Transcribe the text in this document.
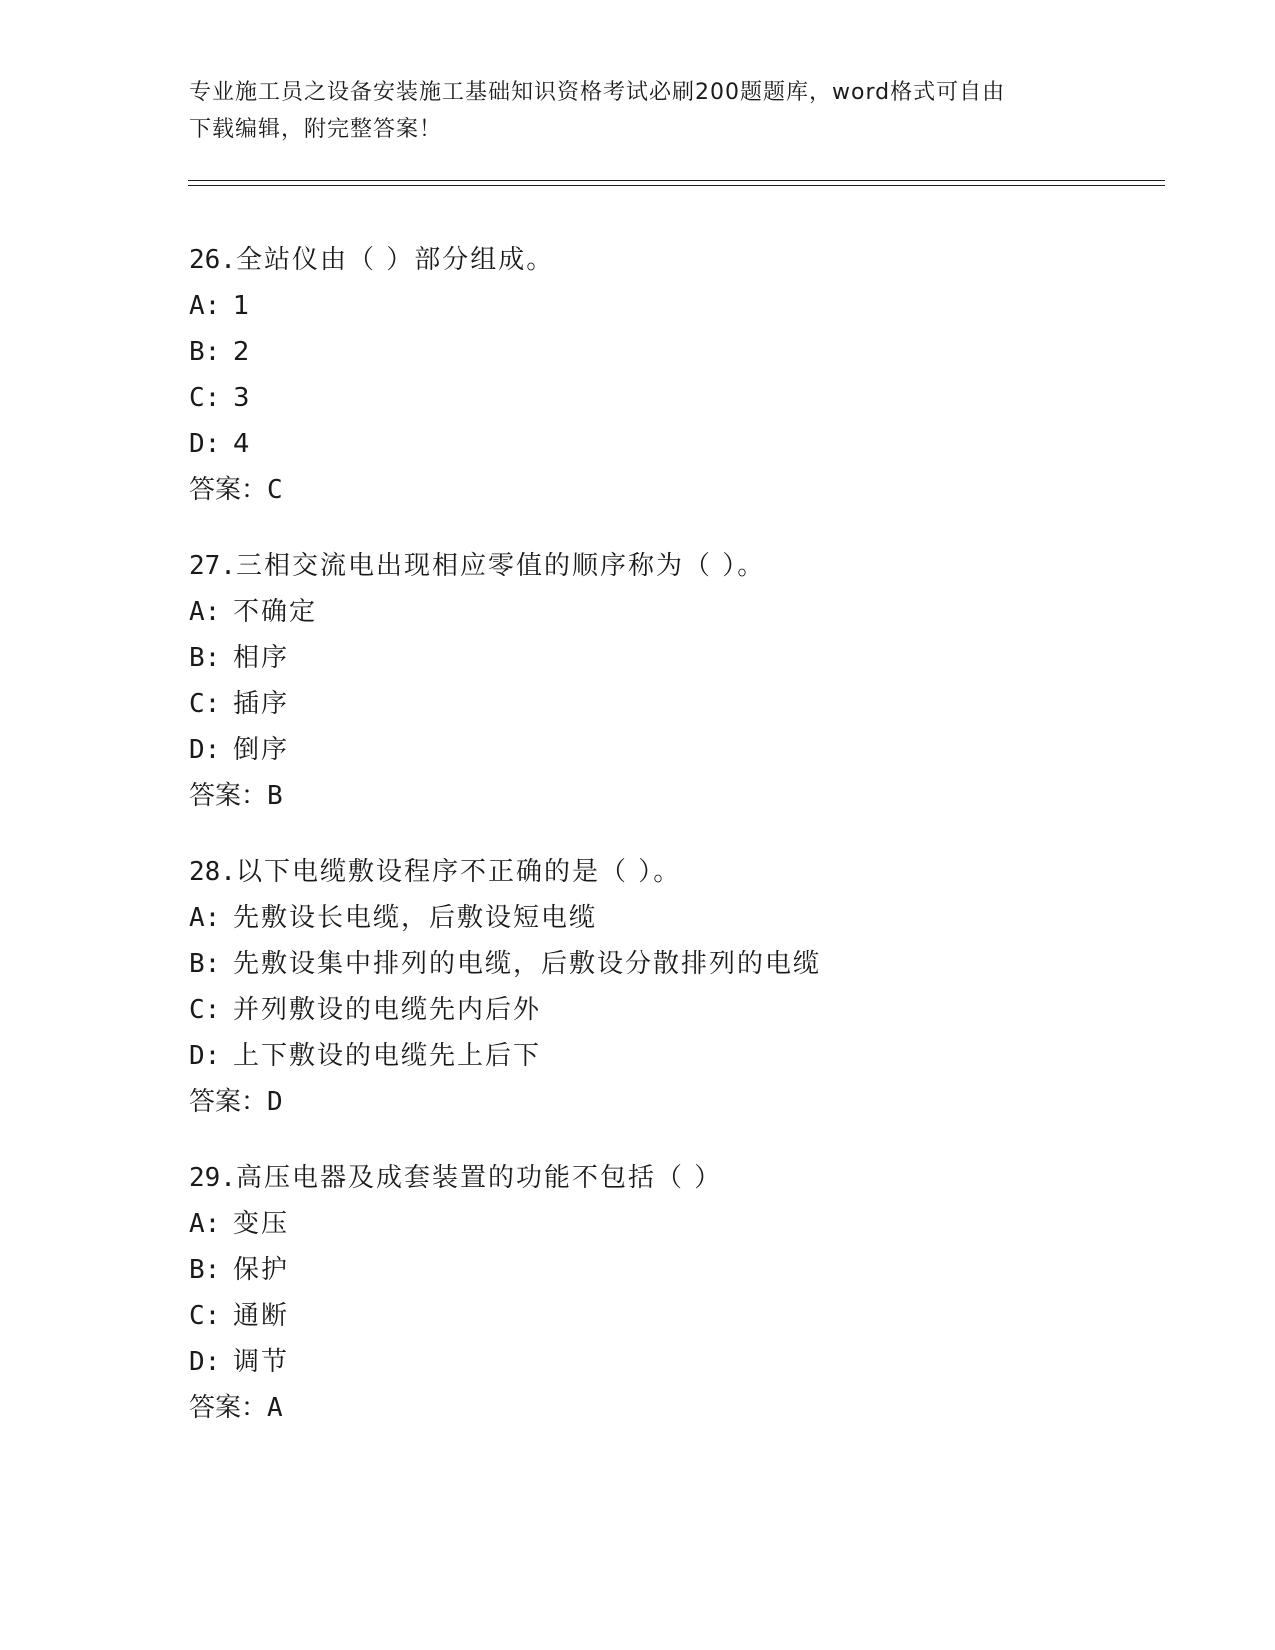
专业施工员之设备安装施工基础知识资格考试必刷200题题库，word格式可自由
下载编辑，附完整答案！
26.全站仪由（ ）部分组成。
A: 1
B: 2
C: 3
D: 4
答案：C
27.三相交流电出现相应零值的顺序称为（ ）。
A: 不确定
B: 相序
C: 插序
D: 倒序
答案：B
28.以下电缆敷设程序不正确的是（ ）。
A: 先敷设长电缆，后敷设短电缆
B: 先敷设集中排列的电缆，后敷设分散排列的电缆
C: 并列敷设的电缆先内后外
D: 上下敷设的电缆先上后下
答案：D
29.高压电器及成套装置的功能不包括（ ）
A: 变压
B: 保护
C: 通断
D: 调节
答案：A
